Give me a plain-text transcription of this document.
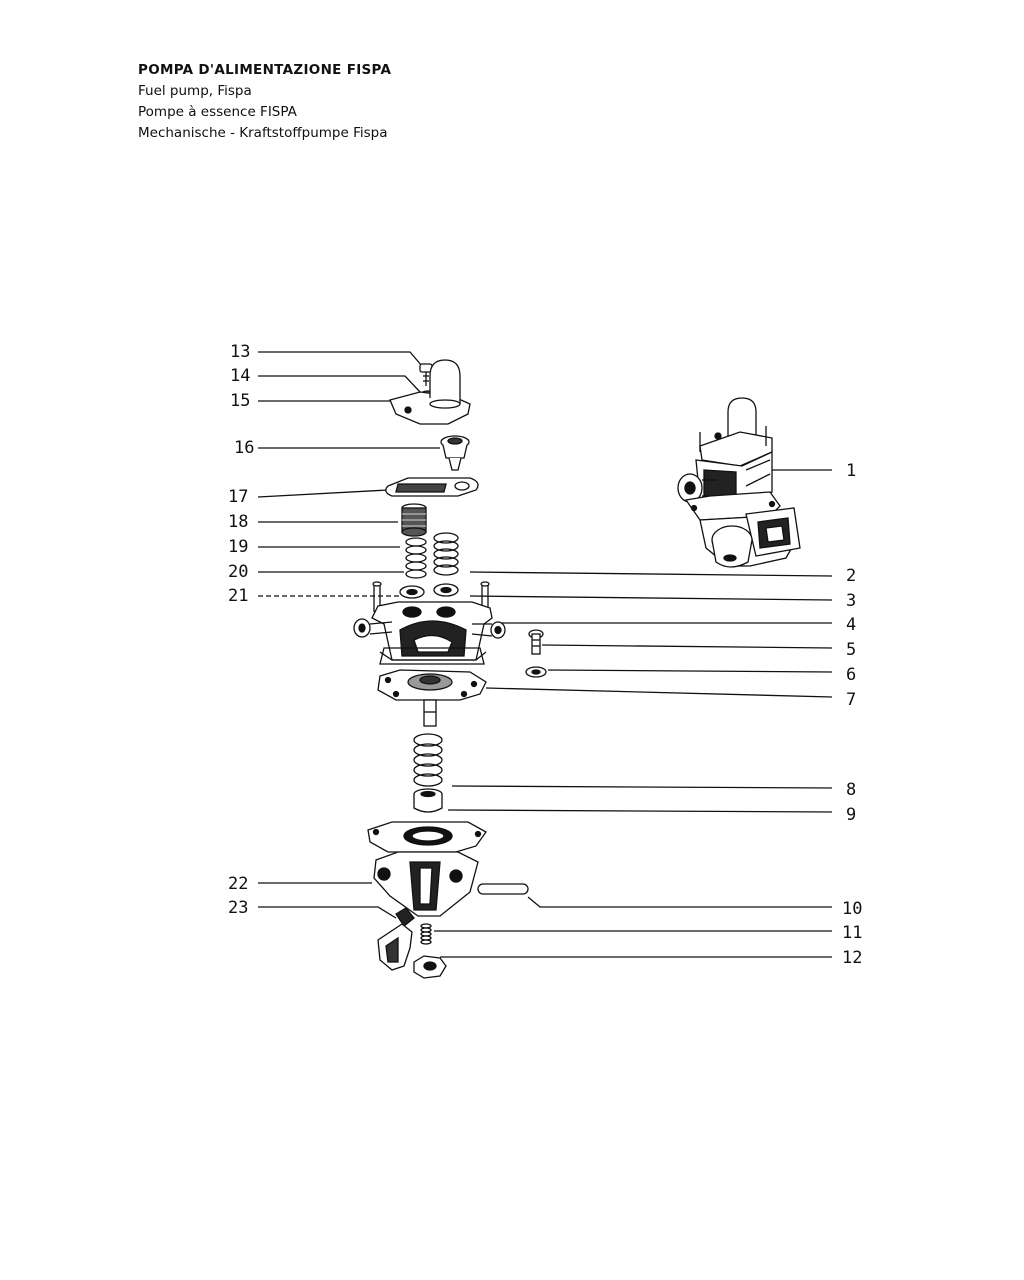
POMPA D'ALIMENTAZIONE FISPA
Fuel pump, Fispa
Pompe à essence FISPA
Mechanische - Kraftstoffpumpe Fispa
13
14
15
16
17
18
19
20
21
22
23
1
2
3
4
5
6
7
8
9
10
11
12
